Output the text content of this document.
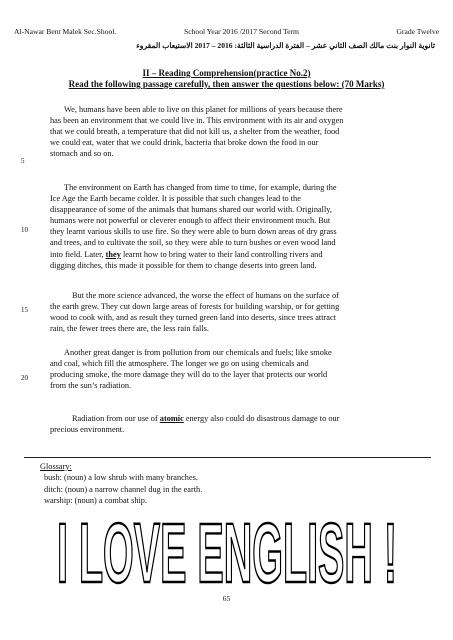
Al-Nawar Bent Malek Sec.Shool.	School Year 2016 /2017 Second Term	Grade Twelve
ثانوية النوار بنت مالك الصف الثاني عشر – الفترة الدراسية الثالثة: 2016 – 2017 الاستيعاب المقروء
II – Reading Comprehension(practice No.2)
Read the following passage carefully, then answer the questions below: (70 Marks)
We, humans have been able to live on this planet for millions of years because there
has been an environment that we could live in. This environment with its air and oxygen
that we could breath, a temperature that did not kill us, a shelter from the weather, food
we could eat, water that we could drink, bacteria that broke down the food in our
stomach and so on.
5
The environment on Earth has changed from time to time, for example, during the
Ice Age the Earth became colder. It is possible that such changes lead to the
disappearance of some of the animals that humans shared our world with. Originally,
humans were not powerful or cleverer enough to affect their environment much. But
they learnt various skills to use fire. So they were able to burn down areas of dry grass
and trees, and to cultivate the soil, so they were able to turn bushes or even wood land
into field. Later, they learnt how to bring water to their land controlling rivers and
digging ditches, this made it possible for them to change deserts into green land.
10
But the more science advanced, the worse the effect of humans on the surface of
the earth grew. They cut down large areas of forests for building warship, or for getting
wood to cook with, and as result they turned green land into deserts, since trees attract
rain, the fewer trees there are, the less rain falls.
15
Another great danger is from pollution from our chemicals and fuels; like smoke
and coal, which fill the atmosphere. The longer we go on using chemicals and
producing smoke, the more damage they will do to the layer that protects our world
from the sun’s radiation.
20
Radiation from our use of atomic energy also could do disastrous damage to our
precious environment.
Glossary:
bush: (noun) a low shrub with many branches.
ditch: (noun) a narrow channel dug in the earth.
warship: (noun) a combat ship.
I LOVE ENGLISH !
65
